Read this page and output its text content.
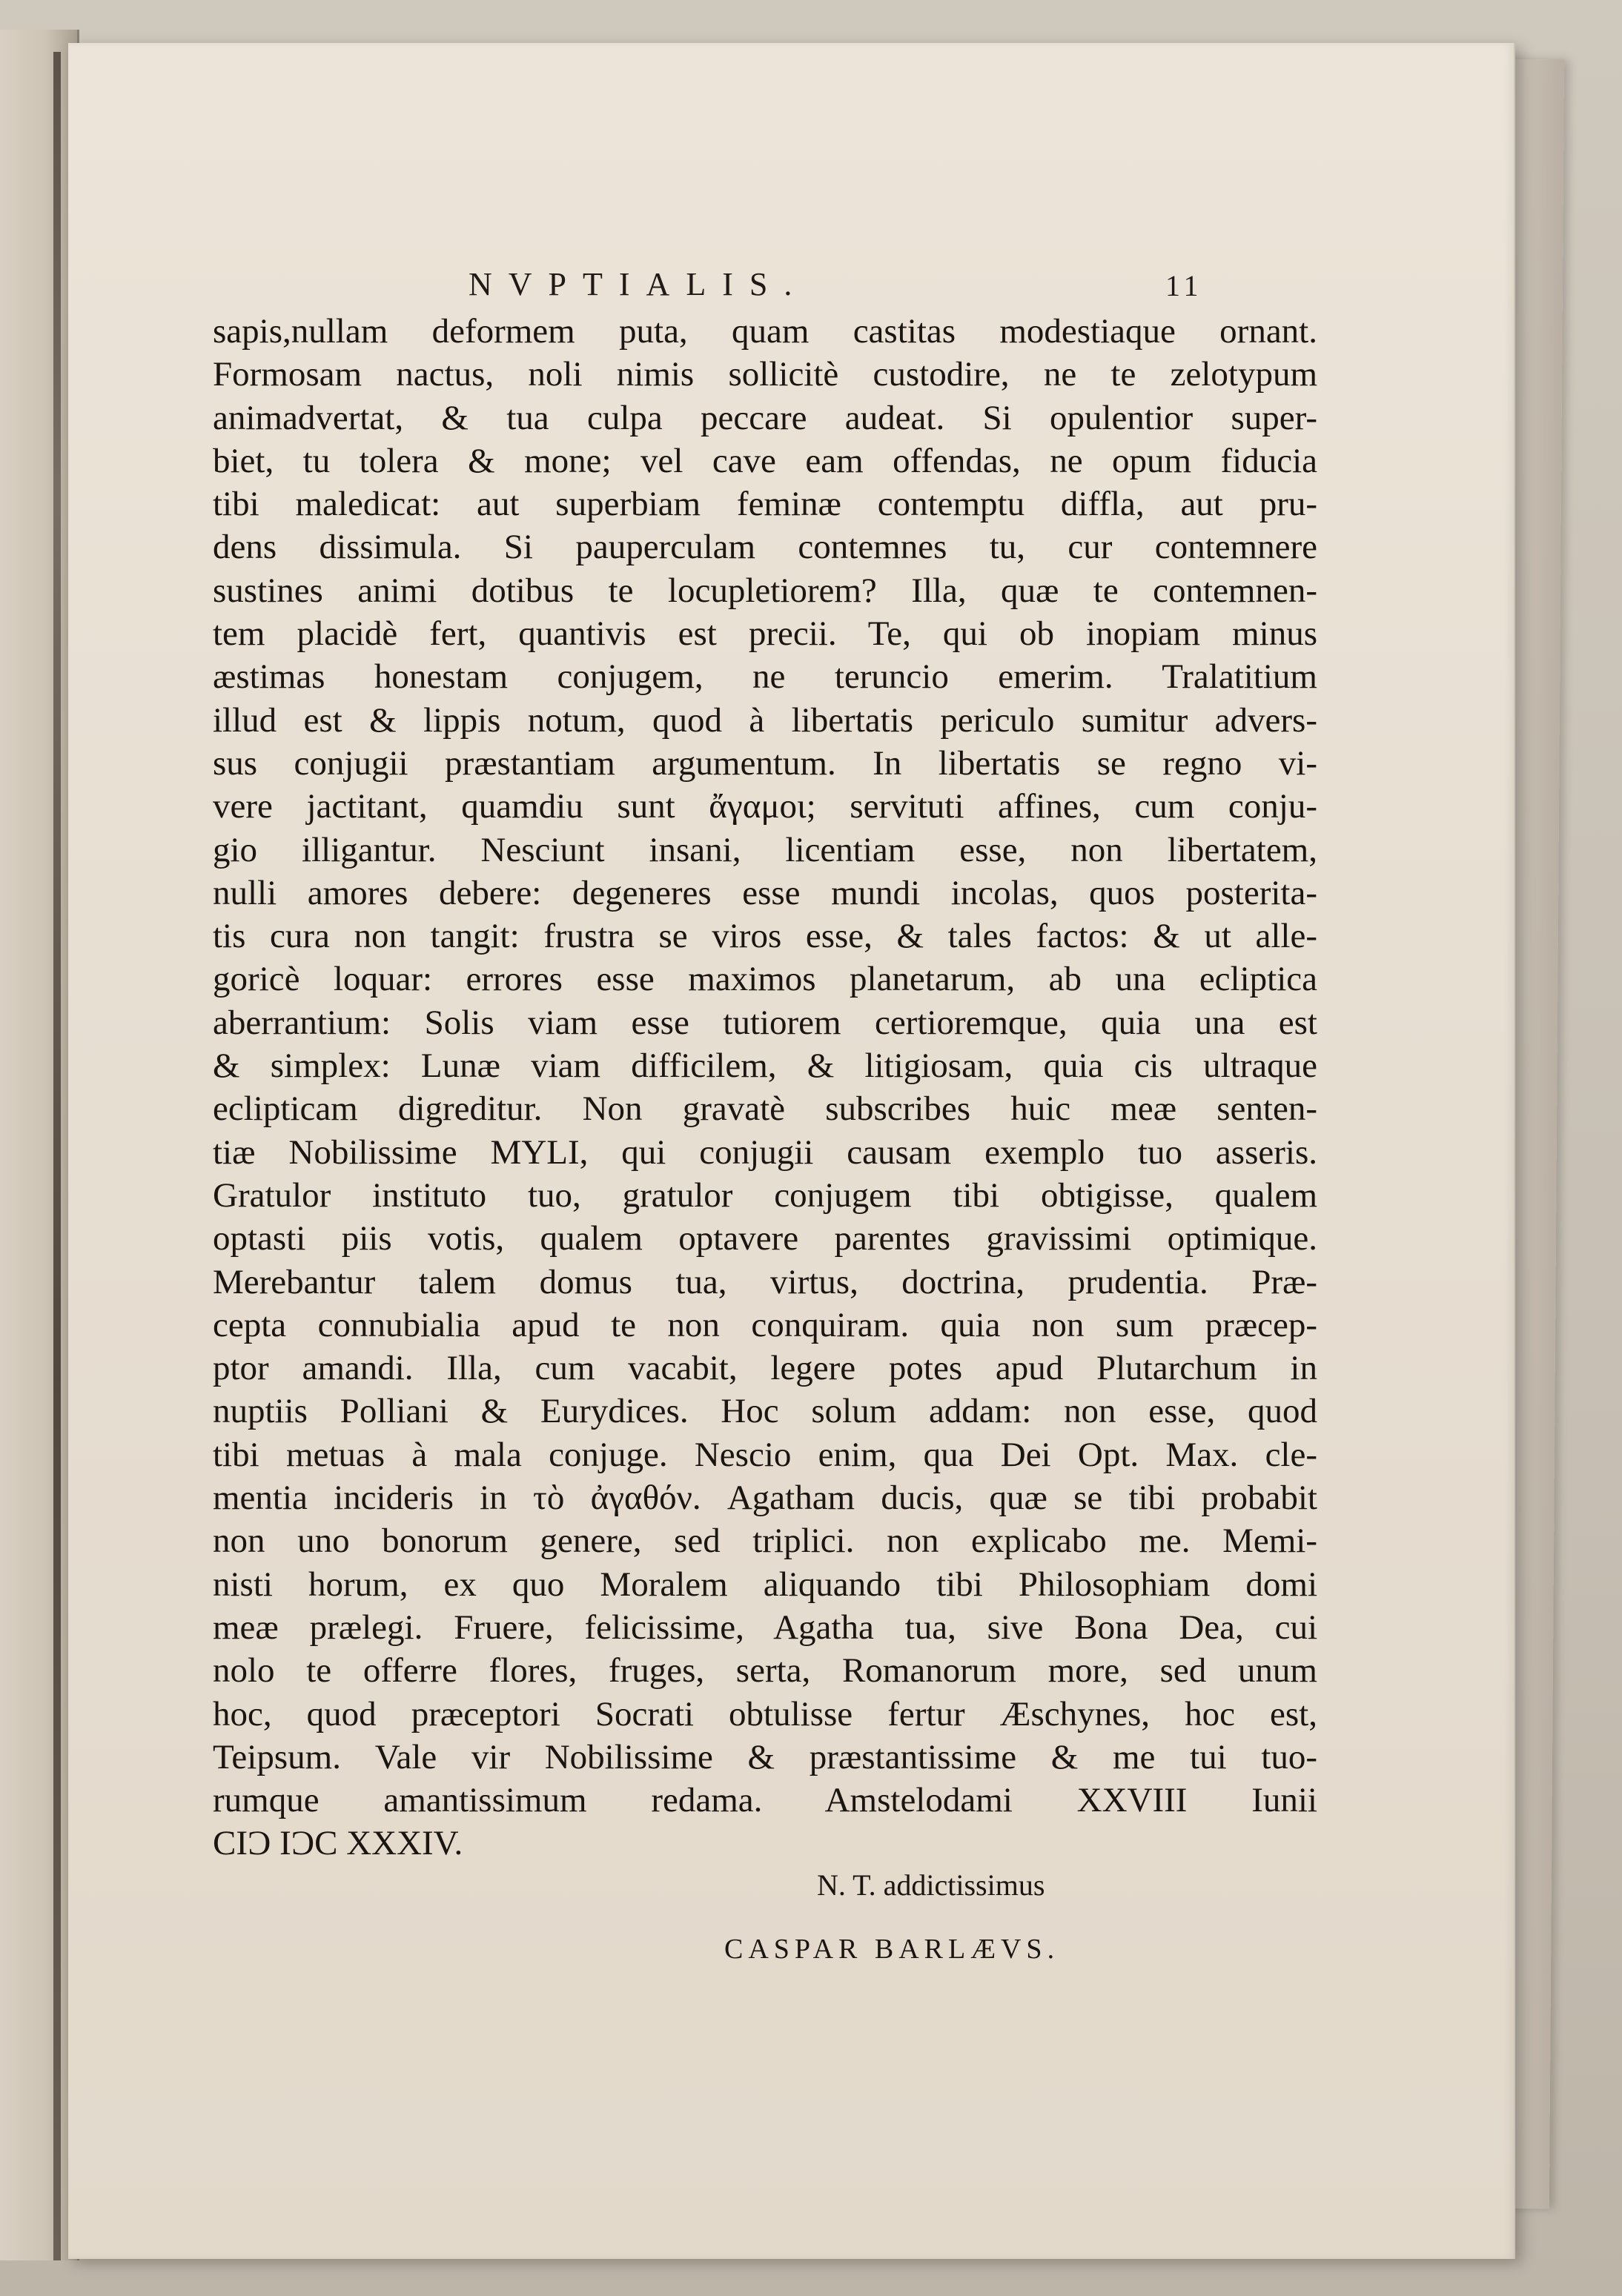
NVPTIALIS.	11
sapis,nullam deformem puta, quam castitas modestiaque ornant.
Formosam nactus, noli nimis sollicitè custodire, ne te zelotypum
animadvertat, & tua culpa peccare audeat. Si opulentior super-
biet, tu tolera & mone; vel cave eam offendas, ne opum fiducia
tibi maledicat: aut superbiam feminæ contemptu diffla, aut pru-
dens dissimula. Si pauperculam contemnes tu, cur contemnere
sustines animi dotibus te locupletiorem? Illa, quæ te contemnen-
tem placidè fert, quantivis est precii. Te, qui ob inopiam minus
æstimas honestam conjugem, ne teruncio emerim. Tralatitium
illud est & lippis notum, quod à libertatis periculo sumitur advers-
sus conjugii præstantiam argumentum. In libertatis se regno vi-
vere jactitant, quamdiu sunt ἄγαμοι; servituti affines, cum conju-
gio illigantur. Nesciunt insani, licentiam esse, non libertatem,
nulli amores debere: degeneres esse mundi incolas, quos posterita-
tis cura non tangit: frustra se viros esse, & tales factos: & ut alle-
goricè loquar: errores esse maximos planetarum, ab una ecliptica
aberrantium: Solis viam esse tutiorem certioremque, quia una est
& simplex: Lunæ viam difficilem, & litigiosam, quia cis ultraque
eclipticam digreditur. Non gravatè subscribes huic meæ senten-
tiæ Nobilissime MYLI, qui conjugii causam exemplo tuo asseris.
Gratulor instituto tuo, gratulor conjugem tibi obtigisse, qualem
optasti piis votis, qualem optavere parentes gravissimi optimique.
Merebantur talem domus tua, virtus, doctrina, prudentia. Præ-
cepta connubialia apud te non conquiram. quia non sum præcep-
ptor amandi. Illa, cum vacabit, legere potes apud Plutarchum in
nuptiis Polliani & Eurydices. Hoc solum addam: non esse, quod
tibi metuas à mala conjuge. Nescio enim, qua Dei Opt. Max. cle-
mentia incideris in τὸ ἀγαθόν. Agatham ducis, quæ se tibi probabit
non uno bonorum genere, sed triplici. non explicabo me. Memi-
nisti horum, ex quo Moralem aliquando tibi Philosophiam domi
meæ prælegi. Fruere, felicissime, Agatha tua, sive Bona Dea, cui
nolo te offerre flores, fruges, serta, Romanorum more, sed unum
hoc, quod præceptori Socrati obtulisse fertur Æschynes, hoc est,
Teipsum. Vale vir Nobilissime & præstantissime & me tui tuo-
rumque amantissimum redama. Amstelodami XXVIII Iunii
CIƆ IƆC XXXIV.
N. T. addictissimus
CASPAR BARLÆVS.
